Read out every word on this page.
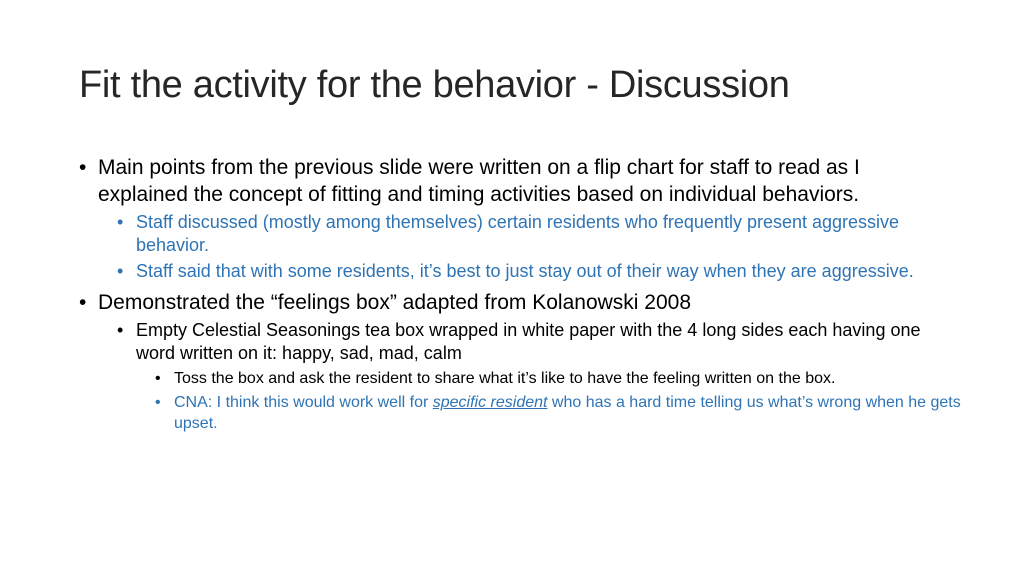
Fit the activity for the behavior - Discussion
• Main points from the previous slide were written on a flip chart for staff to read as I explained the concept of fitting and timing activities based on individual behaviors.
• Staff discussed (mostly among themselves) certain residents who frequently present aggressive behavior.
• Staff said that with some residents, it’s best to just stay out of their way when they are aggressive.
• Demonstrated the “feelings box” adapted from Kolanowski 2008
• Empty Celestial Seasonings tea box wrapped in white paper with the 4 long sides each having one word written on it: happy, sad, mad, calm
• Toss the box and ask the resident to share what it’s like to have the feeling written on the box.
• CNA: I think this would work well for specific resident who has a hard time telling us what’s wrong when he gets upset.
